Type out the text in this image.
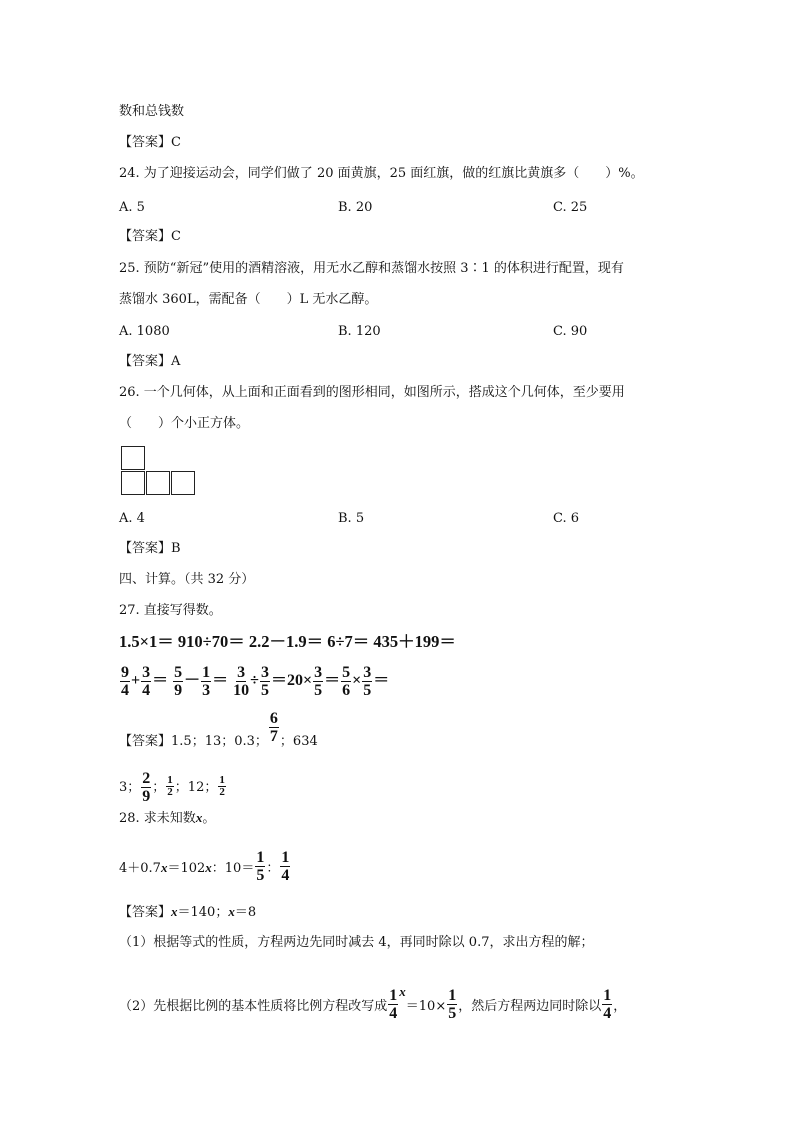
数和总钱数
【答案】C
24. 为了迎接运动会，同学们做了 20 面黄旗，25 面红旗，做的红旗比黄旗多（　　）%。
A. 5	B. 20	C. 25
【答案】C
25. 预防“新冠”使用的酒精溶液，用无水乙醇和蒸馏水按照 3∶1 的体积进行配置，现有
蒸馏水 360L，需配备（　　）L 无水乙醇。
A. 1080	B. 120	C. 90
【答案】A
26. 一个几何体，从上面和正面看到的图形相同，如图所示，搭成这个几何体，至少要用
（　　）个小正方体。
A. 4	B. 5	C. 6
【答案】B
四、计算。（共 32 分）
27. 直接写得数。
1.5×1＝ 910÷70＝ 2.2－1.9＝ 6÷7＝ 435＋199＝
$\frac{9}{4} + \frac{3}{4} = \frac{5}{9} - \frac{1}{3} = \frac{3}{10} \div \frac{3}{5} =20\times \frac{3}{5} = \frac{5}{6} \times \frac{3}{5}$ ＝
【答案】1.5；13；0.3； $\frac{6}{7}$ ；634
3； $\frac{2}{9}$ ； $\frac{1}{2}$ ；12； $\frac{1}{2}$
28. 求未知数x。
4＋0.7x＝102x：$10= \frac{1}{5}$ ： $\frac{1}{4}$
【答案】x＝140；x＝8
（1）根据等式的性质，方程两边先同时减去 4，再同时除以 0.7，求出方程的解；
（2）先根据比例的基本性质将比例方程改写成 $\frac{1}{4} x=10\times \frac{1}{5}$ ，然后方程两边同时除以 $\frac{1}{4}$ ，
